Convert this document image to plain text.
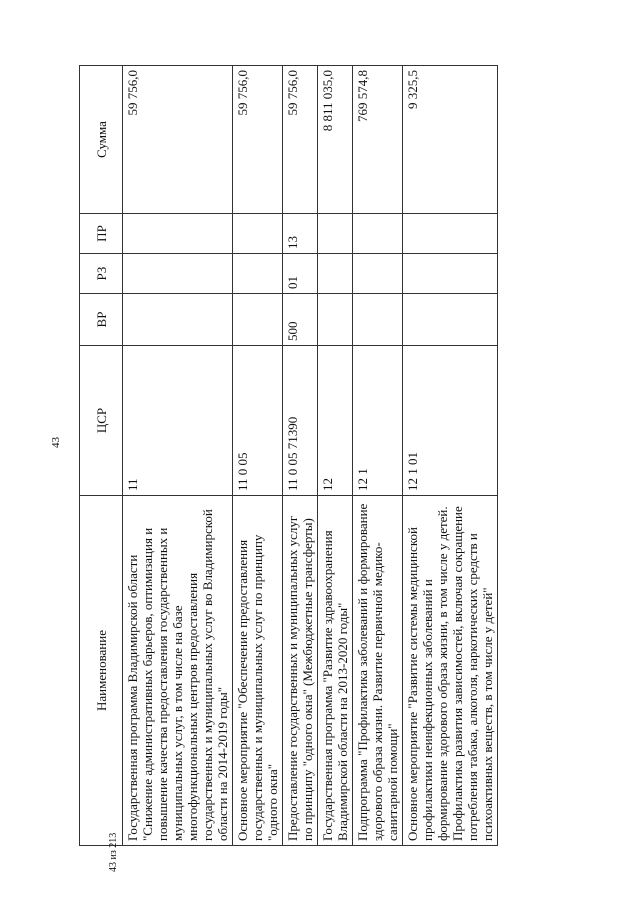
43
Наименование	ЦСР	ВР	РЗ	ПР	Сумма
Государственная программа Владимирской области "Снижение административных барьеров, оптимизация и повышение качества предоставления государственных и муниципальных услуг, в том числе на базе многофункциональных центров предоставления государственных и муниципальных услуг во Владимирской области на 2014-2019 годы"	11				59 756,0
Основное мероприятие "Обеспечение предоставления государственных и муниципальных услуг по принципу "одного окна"	11 0 05				59 756,0
Предоставление государственных и муниципальных услуг по принципу "одного окна" (Межбюджетные трансферты)	11 0 05 71390	500	01	13	59 756,0
Государственная программа "Развитие здравоохранения Владимирской области на 2013-2020 годы"	12				8 811 035,0
Подпрограмма "Профилактика заболеваний и формирование здорового образа жизни. Развитие первичной медико-санитарной помощи"	12 1				769 574,8
Основное мероприятие "Развитие системы медицинской профилактики неинфекционных заболеваний и формирование здорового образа жизни, в том числе у детей. Профилактика развития зависимостей, включая сокращение потребления табака, алкоголя, наркотических средств и психоактивных веществ, в том числе у детей"	12 1 01				9 325,5
43 из 213
